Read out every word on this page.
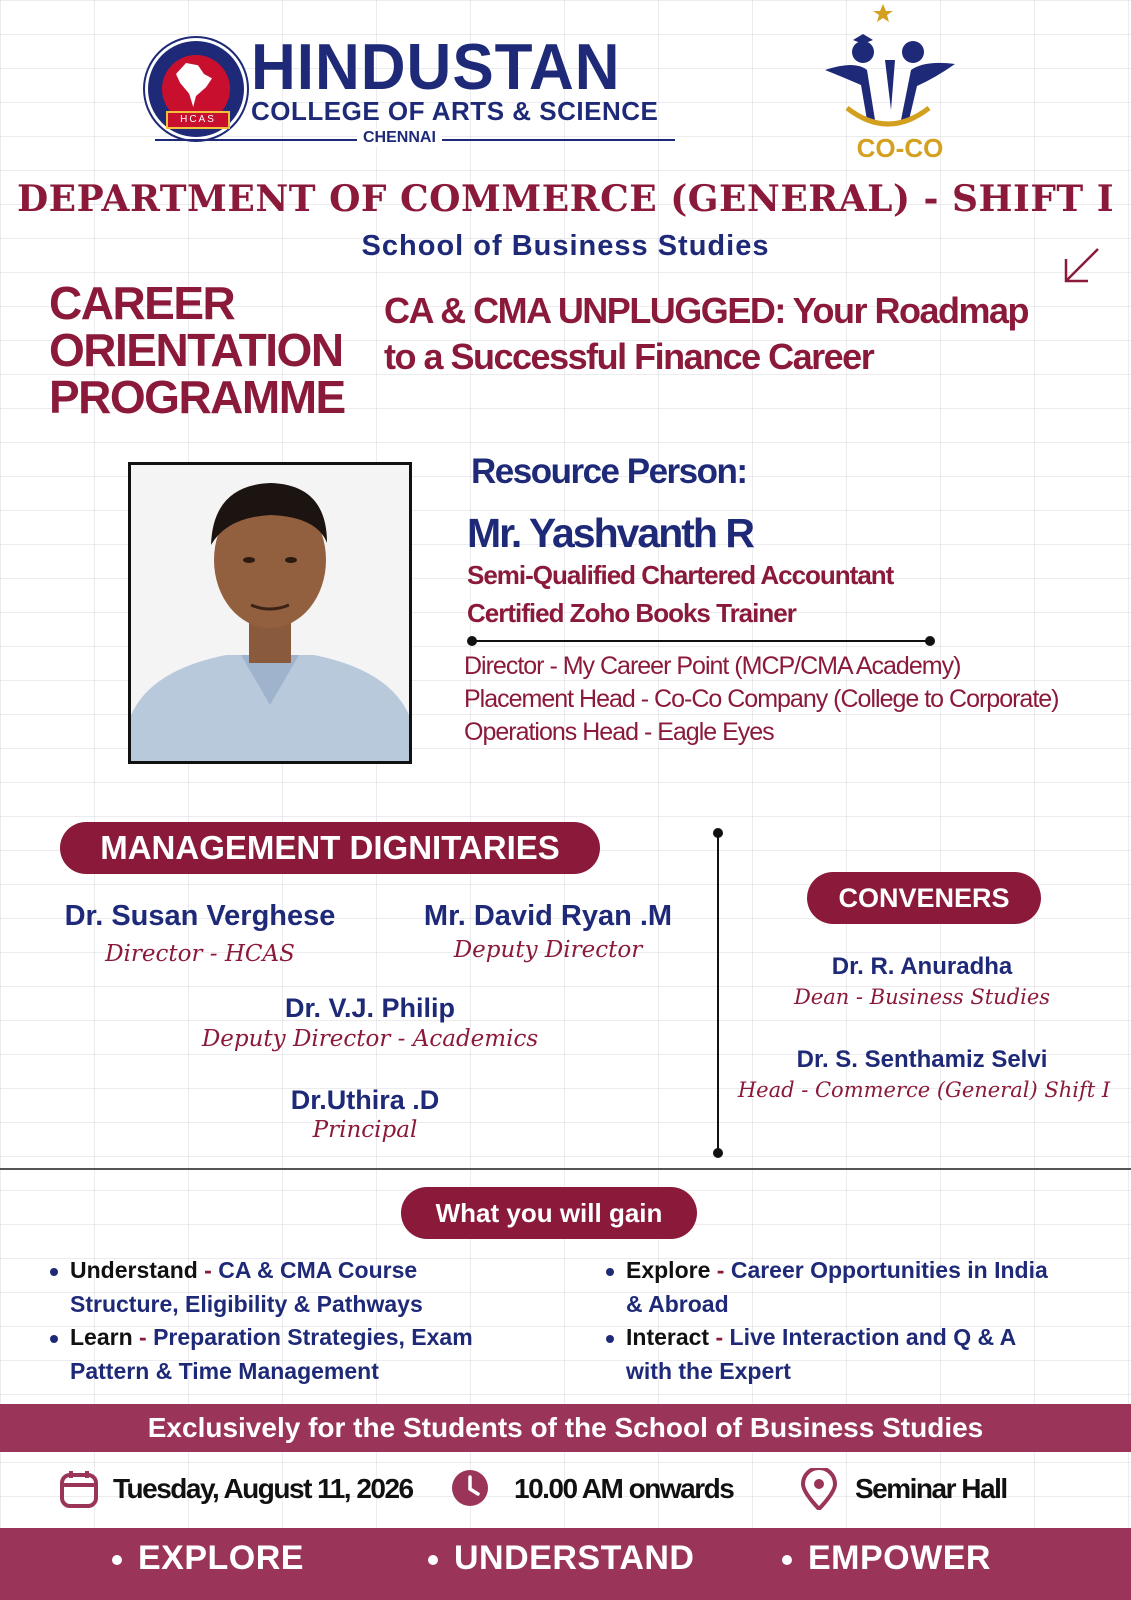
HCAS
HINDUSTAN
COLLEGE OF ARTS & SCIENCE
CHENNAI	CO-CO
DEPARTMENT OF COMMERCE (GENERAL) - SHIFT I
School of Business Studies
CAREER
ORIENTATION
PROGRAMME
CA & CMA UNPLUGGED: Your Roadmap
to a Successful Finance Career
Resource Person:
Mr. Yashvanth R
Semi-Qualified Chartered Accountant
Certified Zoho Books Trainer
Director - My Career Point (MCP/CMA Academy)
Placement Head - Co-Co Company (College to Corporate)
Operations Head - Eagle Eyes
MANAGEMENT DIGNITARIES
Dr. Susan Verghese
Director - HCAS
Mr. David Ryan .M
Deputy Director
Dr. V.J. Philip
Deputy Director - Academics
Dr.Uthira .D
Principal
CONVENERS
Dr. R. Anuradha
Dean - Business Studies
Dr. S. Senthamiz Selvi
Head - Commerce (General) Shift I
What you will gain
Understand - CA & CMA Course
Structure, Eligibility & Pathways
Learn - Preparation Strategies, Exam
Pattern & Time Management
Explore - Career Opportunities in India
& Abroad
Interact - Live Interaction and Q & A
with the Expert
Exclusively for the Students of the School of Business Studies
Tuesday, August 11, 2026	10.00 AM onwards	Seminar Hall
EXPLORE	UNDERSTAND	EMPOWER
